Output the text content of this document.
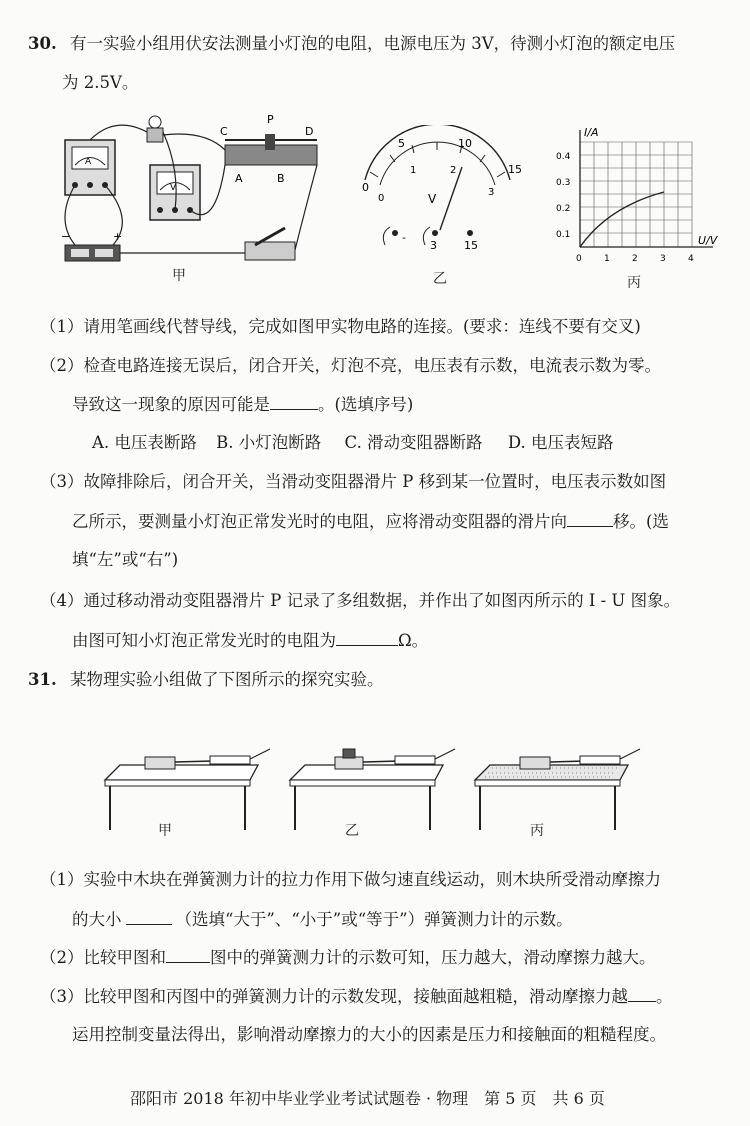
30. 有一实验小组用伏安法测量小灯泡的电阻，电源电压为 3V，待测小灯泡的额定电压
为 2.5V。
A
V
−	+
C
P
D
A	B
甲
0
5	10
15
0
1	2
3
V
-
3 15
乙
I/A
U/V
0.4
0.3
0.2
0.1
0 1 2 3 4
丙
（1）请用笔画线代替导线，完成如图甲实物电路的连接。(要求：连线不要有交叉)
（2）检查电路连接无误后，闭合开关，灯泡不亮，电压表有示数，电流表示数为零。
导致这一现象的原因可能是	。(选填序号)
A. 电压表断路 B. 小灯泡断路 C. 滑动变阻器断路 D. 电压表短路
（3）故障排除后，闭合开关，当滑动变阻器滑片 P 移到某一位置时，电压表示数如图
乙所示，要测量小灯泡正常发光时的电阻，应将滑动变阻器的滑片向	移。(选
填“左”或“右”)
（4）通过移动滑动变阻器滑片 P 记录了多组数据，并作出了如图丙所示的 I - U 图象。
由图可知小灯泡正常发光时的电阻为	Ω。
31. 某物理实验小组做了下图所示的探究实验。
甲	乙	丙
（1）实验中木块在弹簧测力计的拉力作用下做匀速直线运动，则木块所受滑动摩擦力
的大小	（选填“大于”、“小于”或“等于”）弹簧测力计的示数。
（2）比较甲图和	图中的弹簧测力计的示数可知，压力越大，滑动摩擦力越大。
（3）比较甲图和丙图中的弹簧测力计的示数发现，接触面越粗糙，滑动摩擦力越 。
运用控制变量法得出，影响滑动摩擦力的大小的因素是压力和接触面的粗糙程度。
邵阳市 2018 年初中毕业学业考试试题卷 · 物理　第 5 页　共 6 页
